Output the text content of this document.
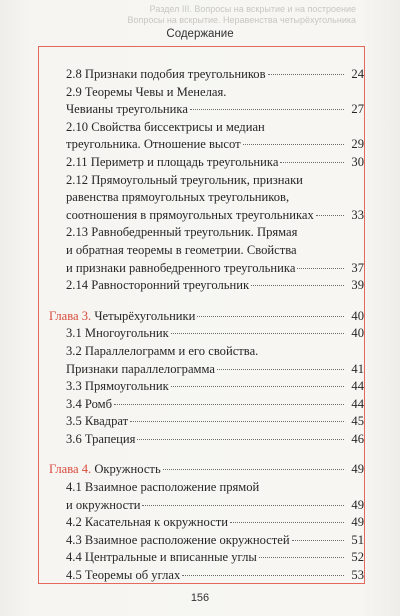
Раздел III. Вопросы на вскрытие и на построение
Вопросы на вскрытие. Неравенства четырёхугольника
Содержание
2.8 Признаки подобия треугольников	24
2.9 Теоремы Чевы и Менелая.
Чевианы треугольника	27
2.10 Свойства биссектрисы и медиан
треугольника. Отношение высот	29
2.11 Периметр и площадь треугольника	30
2.12 Прямоугольный треугольник, признаки
равенства прямоугольных треугольников,
соотношения в прямоугольных треугольниках	33
2.13 Равнобедренный треугольник. Прямая
и обратная теоремы в геометрии. Свойства
и признаки равнобедренного треугольника	37
2.14 Равносторонний треугольник	39
Глава 3. Четырёхугольники	40
3.1 Многоугольник	40
3.2 Параллелограмм и его свойства.
Признаки параллелограмма	41
3.3 Прямоугольник	44
3.4 Ромб	44
3.5 Квадрат	45
3.6 Трапеция	46
Глава 4. Окружность	49
4.1 Взаимное расположение прямой
и окружности	49
4.2 Касательная к окружности	49
4.3 Взаимное расположение окружностей	51
4.4 Центральные и вписанные углы	52
4.5 Теоремы об углах	53
156
